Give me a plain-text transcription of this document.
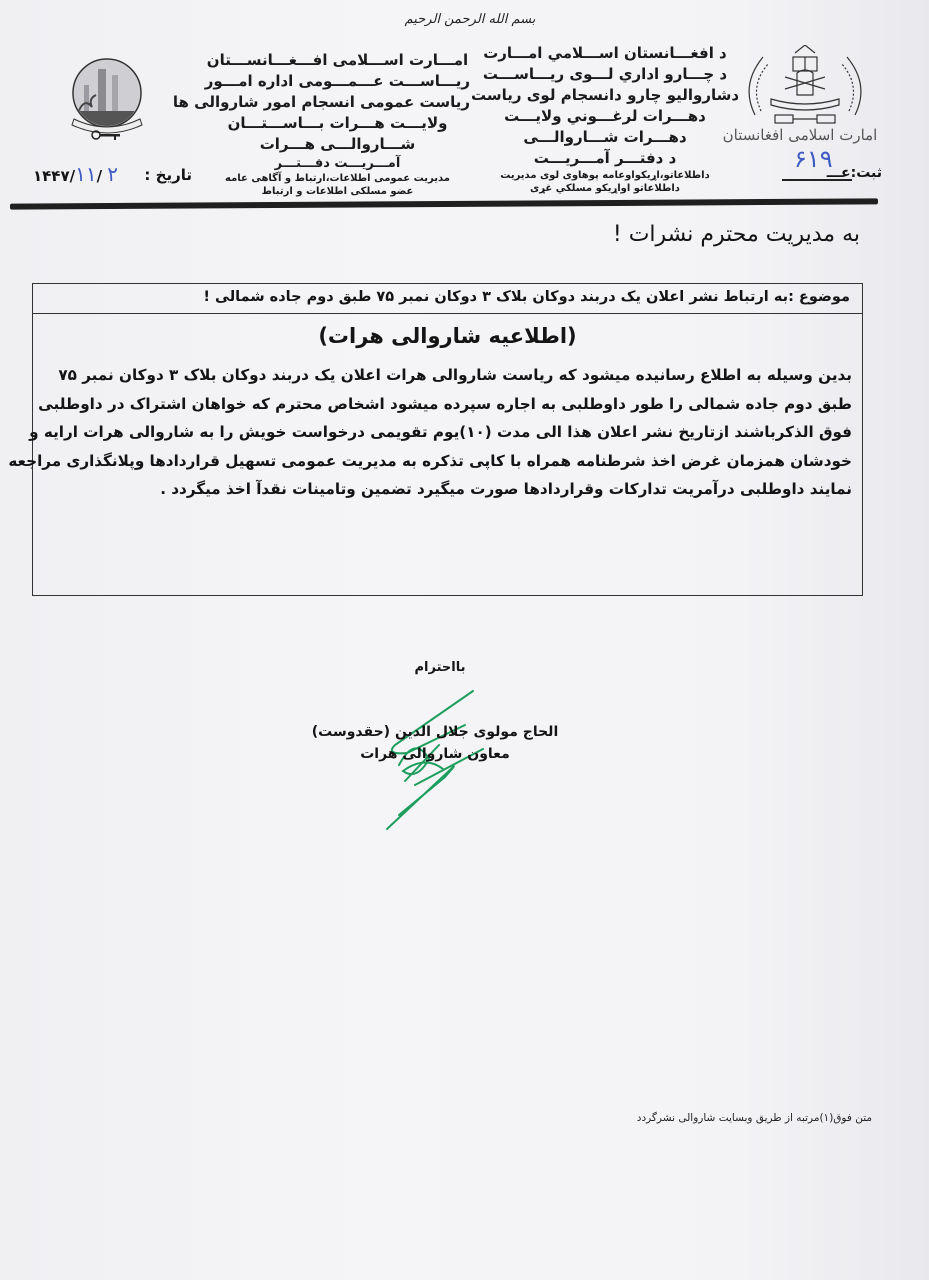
بسم الله الرحمن الرحیم
امارت اسلامی افغانستان
۶۱۹
ثبت:عـــ
د افغـــانستان اســـلامي امـــارت
د چـــارو اداري لـــوی ریـــاســـت
دشاروالیو چارو دانسجام لوی ریاست
دهـــرات لرغـــوني ولایـــت
دهـــرات شـــاروالـــی
د دفتـــر آمـــریـــت
داطلاعاتو،اړیکواوعامه پوهاوی لوی مدیریت
داطلاعاتو اواړیکو مسلکي غړی
امـــارت اســـلامی افـــغـــانســـتان
ریـــاســـت عـــمـــومی اداره امـــور
ریاست عمومی انسجام امور شاروالی ها
ولایـــت هـــرات بـــاســـتـــان
شـــاروالـــی هـــرات
آمـــریـــت دفـــتـــر
مدیریت عمومی اطلاعات،ارتباط و آگاهی عامه
عضو مسلکی اطلاعات و ارتباط
تاریخ :
۱۴۴۷/۱۱/ ۲
به مدیریت محترم نشرات !
موضوع :به ارتباط نشر اعلان یک دربند دوکان بلاک ۳ دوکان نمبر ۷۵ طبق دوم جاده شمالی !
(اطلاعیه شاروالی هرات)
بدین وسیله به اطلاع رسانیده میشود که ریاست شاروالی هرات اعلان یک دربند دوکان بلاک ۳ دوکان نمبر ۷۵
طبق دوم جاده شمالی را طور داوطلبی به اجاره سپرده میشود اشخاص محترم که خواهان اشتراک در داوطلبی
فوق الذکرباشند ازتاریخ نشر اعلان هذا الی مدت (۱۰)یوم تقویمی درخواست خویش را به شاروالی هرات ارایه و
خودشان همزمان غرض اخذ شرطنامه همراه با کاپی تذکره به مدیریت عمومی تسهیل قراردادها وپلانگذاری مراجعه
نمایند داوطلبی درآمریت تدارکات وقراردادها صورت میگیرد تضمین وتامینات نقدآ اخذ میگردد .
بااحترام
الحاج مولوی جلال الدین (حقدوست)
معاون شاروالی هرات
متن فوق(۱)مرتبه از طریق وبسایت شاروالی نشرگردد
